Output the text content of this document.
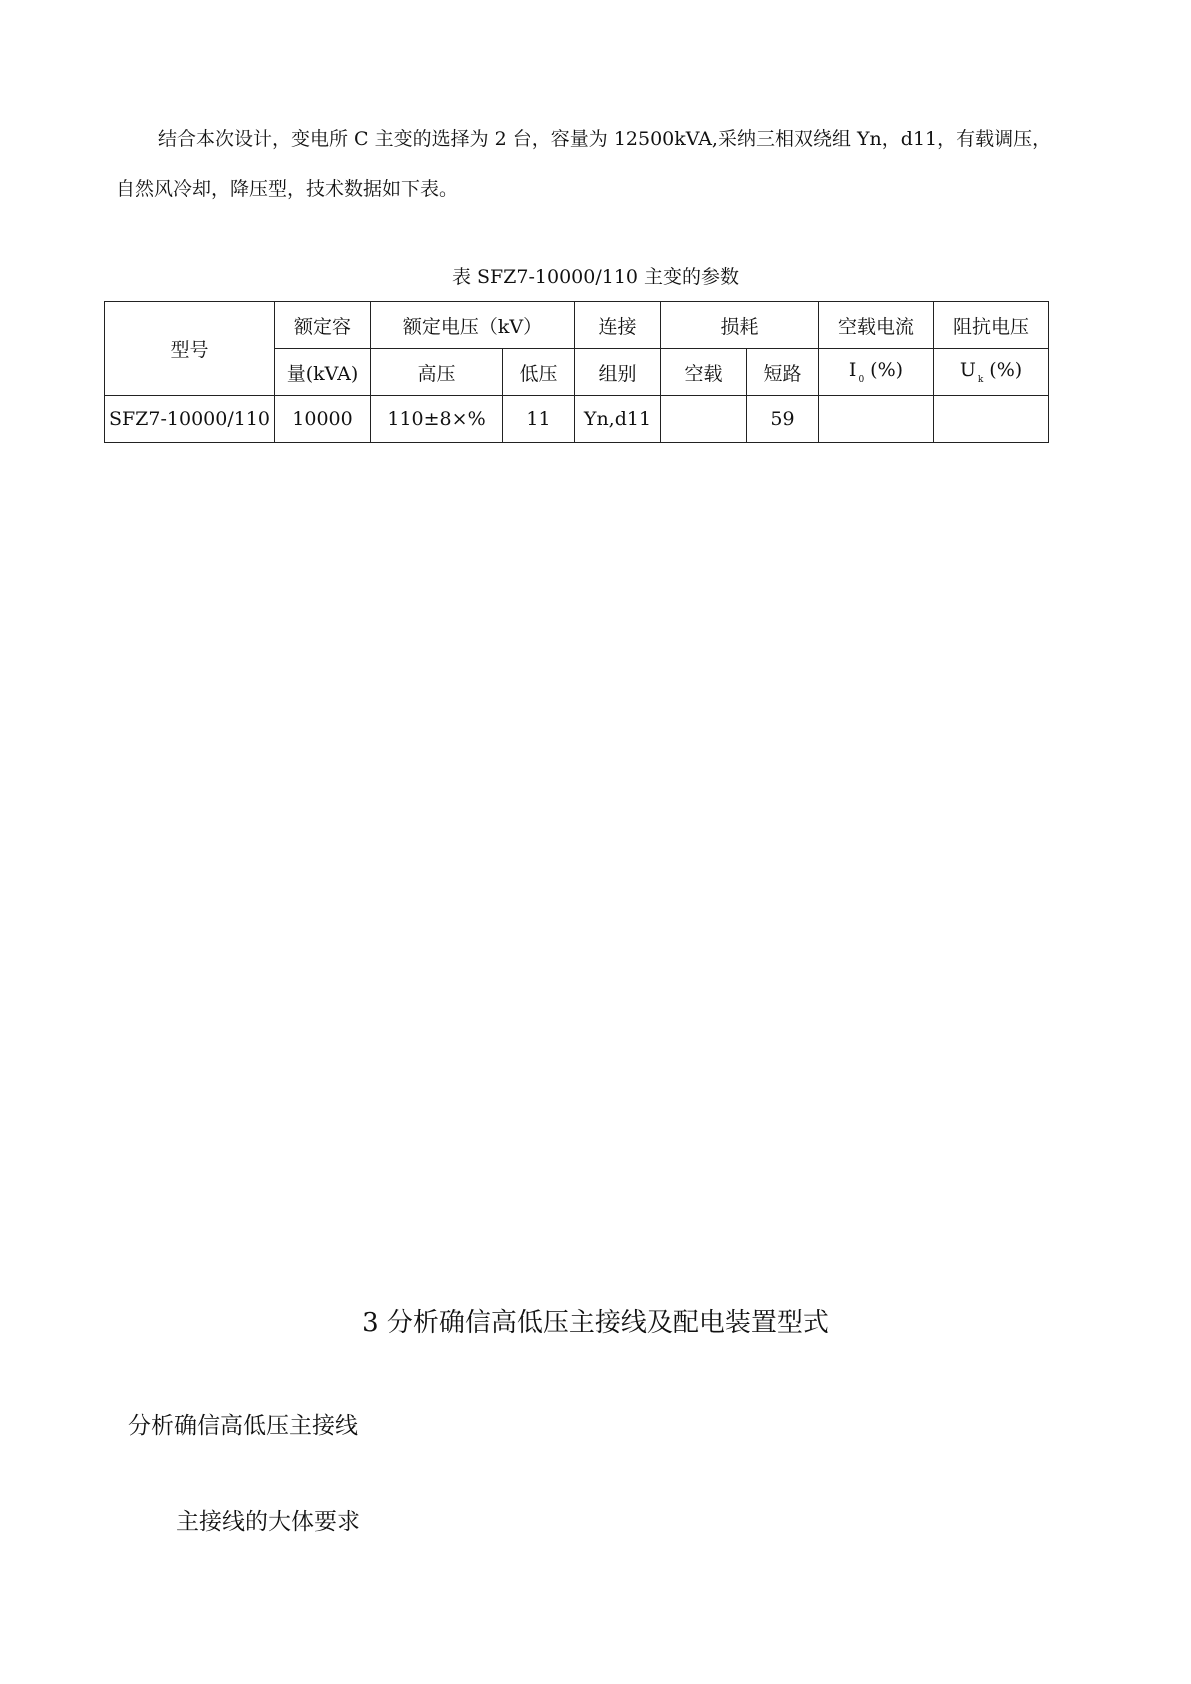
结合本次设计，变电所 C 主变的选择为 2 台，容量为 12500kVA,采纳三相双绕组 Yn，d11，有载调压，

自然风冷却，降压型，技术数据如下表。

表 SFZ7-10000/110 主变的参数
型号	额定容	额定电压（kV）		连接	损耗		空载电流	阻抗电压
	量(kVA)	高压	低压	组别	空载	短路	I $_0$ (%)	U $_k$ (%)
SFZ7-10000/110	10000	110±8×%	11	Yn,d11		59		
3 分析确信高低压主接线及配电装置型式
分析确信高低压主接线
主接线的大体要求
